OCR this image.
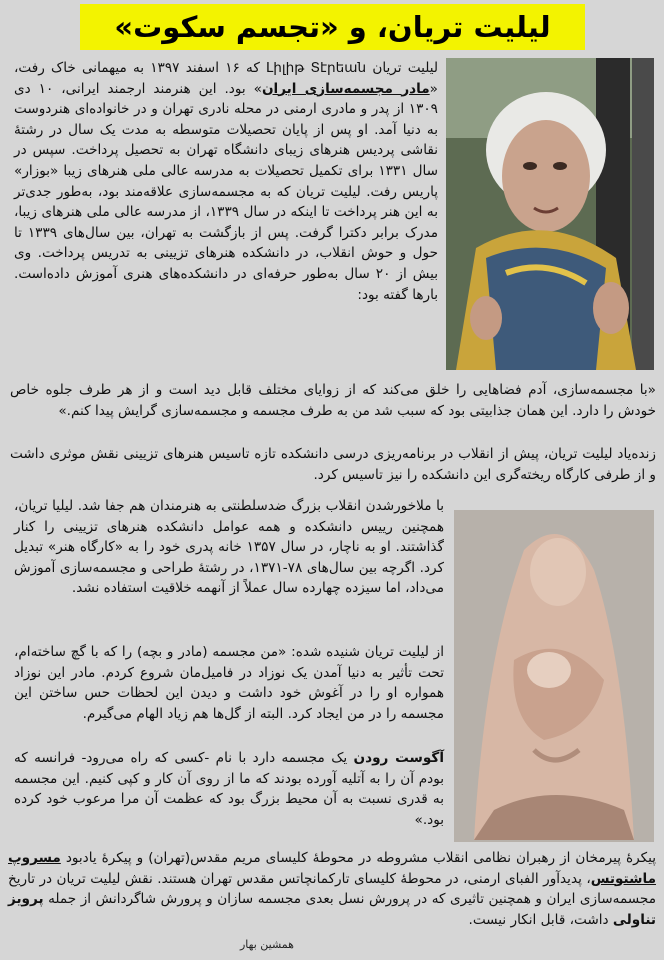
لیلیت تریان، و «تجسم سکوت»

لیلیت تریان Լիլիթ Տէրեան که ۱۶ اسفند ۱۳۹۷ به میهمانی خاک رفت، «مادر مجسمه‌سازی ایران» بود. این هنرمند ارجمند ایرانی، ۱۰ دی ۱۳۰۹ از پدر و مادری ارمنی در محله نادری تهران و در خانواده‌ای هنردوست به دنیا آمد. او پس از پایان تحصیلات متوسطه به مدت یک سال در رشتهٔ نقاشی پردیس هنرهای زیبای دانشگاه تهران به تحصیل پرداخت. سپس در سال ۱۳۳۱ برای تکمیل تحصیلات به مدرسه عالی ملی هنرهای زیبا «بوزار» پاریس رفت. لیلیت تریان که به مجسمه‌سازی علاقه‌مند بود، به‌طور جدی‌تر به این هنر پرداخت تا اینکه در سال ۱۳۳۹، از مدرسه عالی ملی هنرهای زیبا، مدرک برابر دکترا گرفت. پس از بازگشت به تهران، بین سال‌های ۱۳۳۹ تا حول و حوش انقلاب، در دانشکده هنرهای تزیینی به تدریس پرداخت. وی بیش از ۲۰ سال به‌طور حرفه‌ای در دانشکده‌های هنری آموزش داده‌است. بارها گفته بود:

«با مجسمه‌سازی، آدم فضاهایی را خلق می‌کند که از زوایای مختلف قابل دید است و از هر طرف جلوه خاص خودش را دارد. این همان جذابیتی بود که سبب شد من به طرف مجسمه و مجسمه‌سازی گرایش پیدا کنم.»

زنده‌یاد لیلیت تریان، پیش از انقلاب در برنامه‌ریزی درسی دانشکده تازه تاسیس هنرهای تزیینی نقش موثری داشت و از طرفی کارگاه ریخته‌گری این دانشکده را نیز تاسیس کرد.

با ملاخورشدن انقلاب بزرگ ضدسلطنتی به هنرمندان هم جفا شد. لیلیا تریان، همچنین رییس دانشکده و همه عوامل دانشکده هنرهای تزیینی را کنار گذاشتند. او به ناچار، در سال ۱۳۵۷ خانه پدری خود را به «کارگاه هنر» تبدیل کرد. اگرچه بین سال‌های ۷۸-۱۳۷۱، در رشتهٔ طراحی و مجسمه‌سازی آموزش می‌داد، اما سیزده چهارده سال عملاً از آنهمه خلاقیت استفاده نشد.

از لیلیت تریان شنیده شده: «من مجسمه (مادر و بچه) را که با گچ ساخته‌ام، تحت تأثیر به دنیا آمدن یک نوزاد در فامیل‌مان شروع کردم. مادر این نوزاد همواره او را در آغوش خود داشت و دیدن این لحظات حس ساختن این مجسمه را در من ایجاد کرد. البته از گل‌ها هم زیاد الهام می‌گیرم.

آگوست رودن یک مجسمه دارد با نام -کسی که راه می‌رود- فرانسه که بودم آن را به آتلیه آورده بودند که ما از روی آن کار و کپی کنیم. این مجسمه به قدری نسبت به آن محیط بزرگ بود که عظمت آن مرا مرعوب خود کرده بود.»

پیکرهٔ پیرمخان از رهبران نظامی انقلاب مشروطه در محوطهٔ کلیسای مریم مقدس(تهران) و پیکرهٔ یادبود مسروپ ماشتوتس، پدیدآور الفبای ارمنی، در محوطهٔ کلیسای تارکمانچاتس مقدس تهران هستند. نقش لیلیت تریان در تاریخ مجسمه‌سازی ایران و همچنین تاثیری که در پرورش نسل بعدی مجسمه سازان و پرورش شاگردانش از جمله پرویز تناولی داشت، قابل انکار نیست.

همشین بهار
